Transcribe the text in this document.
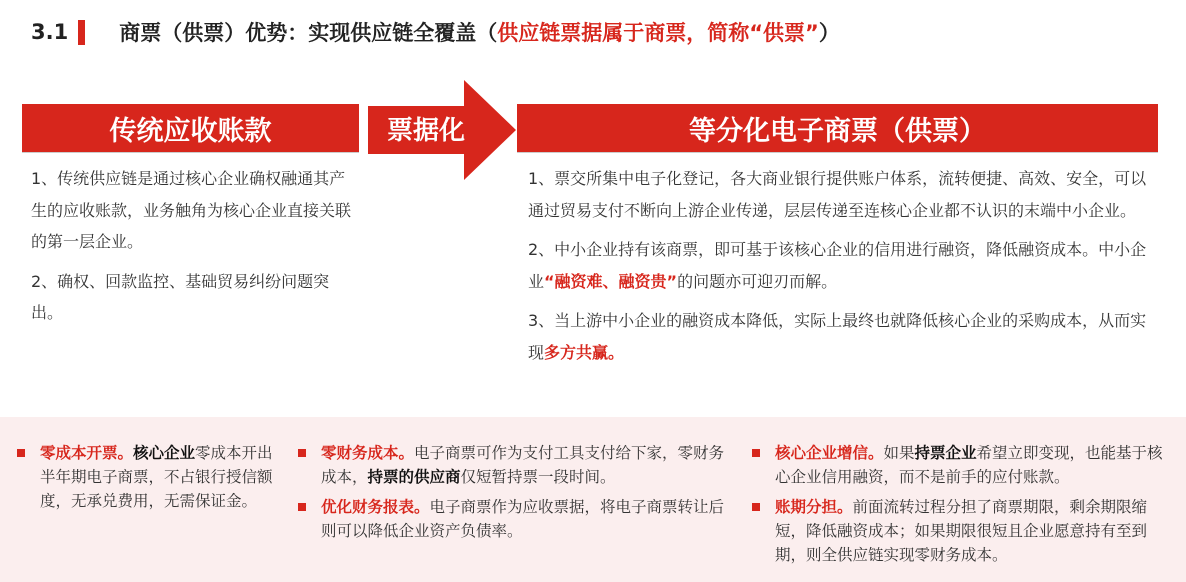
3.1 商票（供票）优势：实现供应链全覆盖（ 供应链票据属于商票，简称“供票” ）
传统应收账款	票据化	等分化电子商票（供票）

1、传统供应链是通过核心企业确权融通其产生的应收账款，业务触角为核心企业直接关联的第一层企业。

2、确权、回款监控、基础贸易纠纷问题突出。

1、票交所集中电子化登记，各大商业银行提供账户体系，流转便捷、高效、安全，可以通过贸易支付不断向上游企业传递，层层传递至连核心企业都不认识的末端中小企业。

2、中小企业持有该商票，即可基于该核心企业的信用进行融资，降低融资成本。中小企业“融资难、融资贵”的问题亦可迎刃而解。

3、当上游中小企业的融资成本降低，实际上最终也就降低核心企业的采购成本，从而实现多方共赢。

零成本开票。核心企业零成本开出半年期电子商票，不占银行授信额度，无承兑费用，无需保证金。
零财务成本。电子商票可作为支付工具支付给下家，零财务成本，持票的供应商仅短暂持票一段时间。
优化财务报表。电子商票作为应收票据，将电子商票转让后则可以降低企业资产负债率。
核心企业增信。如果持票企业希望立即变现，也能基于核心企业信用融资，而不是前手的应付账款。
账期分担。前面流转过程分担了商票期限，剩余期限缩短，降低融资成本；如果期限很短且企业愿意持有至到期，则全供应链实现零财务成本。
